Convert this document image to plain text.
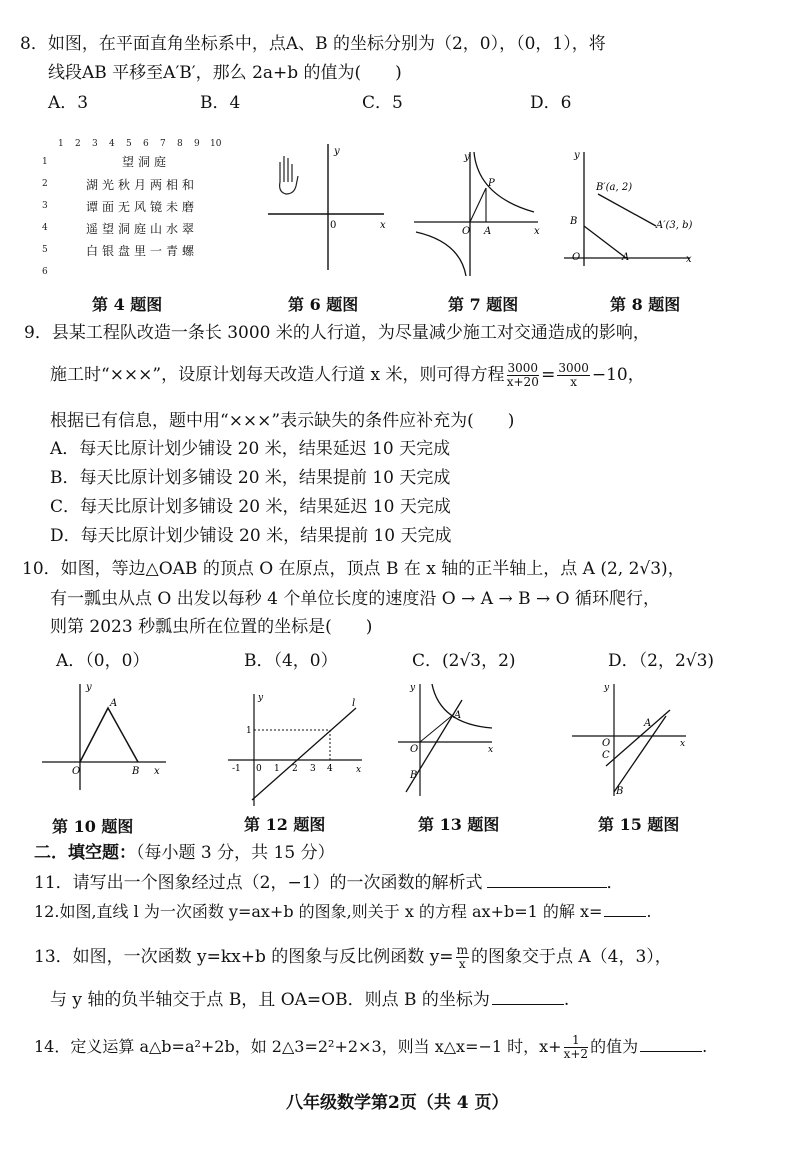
8．如图，在平面直角坐标系中，点A、B 的坐标分别为（2，0），（0，1），将
线段AB 平移至A′B′，那么 2a+b 的值为(　　)
A．3	B．4	C．5	D．6
1 2 3 4 5 6 7 8 9 10
1
2
3
4
5
6
望洞庭
湖光秋月两相和
谭面无风镜未磨
遥望洞庭山水翠
白银盘里一青螺
y
x
0
y
P
O A	x
y
B
O	A	x
B′(a, 2)
A′(3, b)
第 4 题图	第 6 题图	第 7 题图	第 8 题图
9．县某工程队改造一条长 3000 米的人行道，为尽量减少施工对交通造成的影响，
施工时“×××”，设原计划每天改造人行道 x 米，则可得方程 $\frac{3000}{x+20} = \frac{3000}{x} -10$，
根据已有信息，题中用“×××”表示缺失的条件应补充为(　　)
A．每天比原计划少铺设 20 米，结果延迟 10 天完成
B．每天比原计划多铺设 20 米，结果提前 10 天完成
C．每天比原计划多铺设 20 米，结果延迟 10 天完成
D．每天比原计划少铺设 20 米，结果提前 10 天完成
10．如图，等边△OAB 的顶点 O 在原点，顶点 B 在 x 轴的正半轴上，点 A (2, 2√3)，
有一瓢虫从点 O 出发以每秒 4 个单位长度的速度沿 O → A → B → O 循环爬行，
则第 2023 秒瓢虫所在位置的坐标是(　　)
A．（0，0）	B．（4，0）	C．(2√3，2)	D．（2，2√3)
y
A
O	B x
y	l
1
-1 0 1 2 3 4	x
y
A
O
B
x
y
A
O
C
B
x
第 10 题图	第 12 题图	第 13 题图	第 15 题图
二．填空题：（每小题 3 分，共 15 分）
11．请写出一个图象经过点（2，−1）的一次函数的解析式	．
12.如图,直线 l 为一次函数 y=ax+b 的图象,则关于 x 的方程 ax+b=1 的解 x=	.
13．如图，一次函数 y=kx+b 的图象与反比例函数 $y= \frac{m}{x}$ 的图象交于点 A（4，3），
与 y 轴的负半轴交于点 B，且 OA=OB．则点 B 的坐标为	.
14．定义运算 a△b=a²+2b，如 2△3=2²+2×3，则当 x△x=−1 时，$x+ \frac{1}{x+2}$ 的值为	.
八年级数学第2页（共 4 页）
